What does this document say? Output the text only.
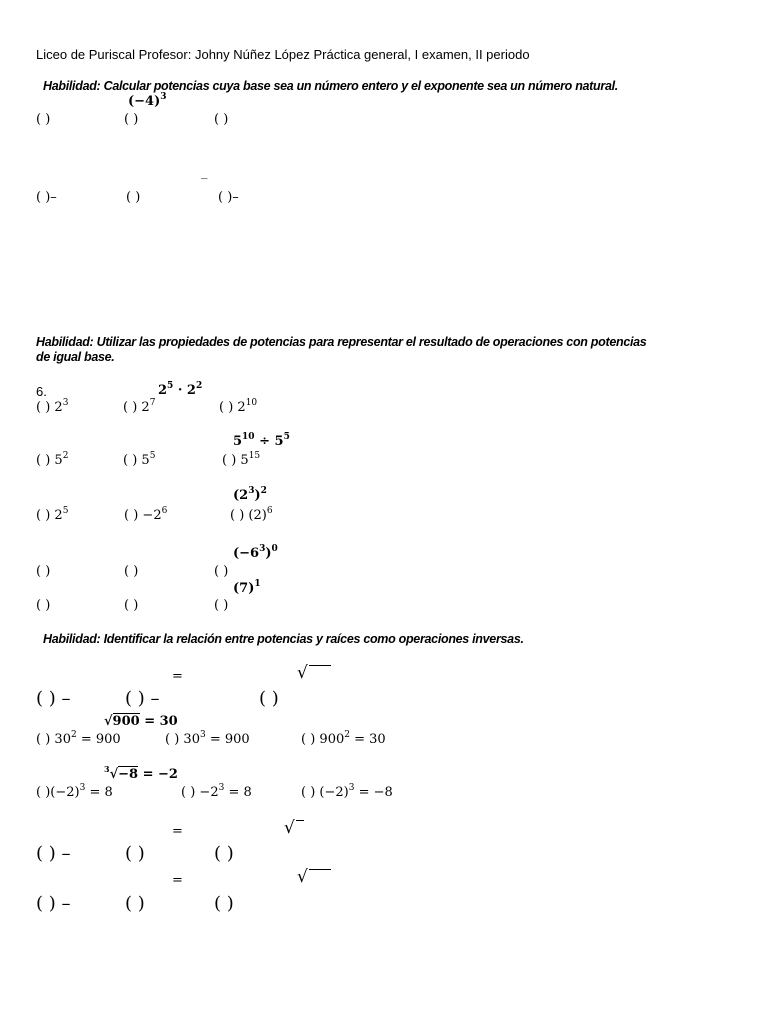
Liceo de Puriscal Profesor: Johny Núñez López Práctica general, I examen, II periodo
Habilidad: Calcular potencias cuya base sea un número entero y el exponente sea un número natural.
$(-4)^3$
( )	( )	( )
_
( )–	( )	( )–
Habilidad: Utilizar las propiedades de potencias para representar el resultado de operaciones con potencias
de igual base.
6.	$2^5 \cdot 2^2$
( ) $2^3$	( ) $2^7$	( ) $2^{10}$
$5^{10} \div 5^5$
( ) $5^2$	( ) $5^5$	( ) $5^{15}$
$(2^3)^2$
( ) $2^5$	( ) $-2^6$	( ) $(2)^6$
$(-6^3)^0$
( )	( )	( )
$(7)^1$
( )	( )	( )
Habilidad: Identificar la relación entre potencias y raíces como operaciones inversas.
=	√
( ) –	( ) –	( )
√900 = 30
( ) $30^2 = 900$	( ) $30^3 = 900$	( ) $900^2 = 30$
$^3$√−8 = −2
( )$(-2)^3 = 8$	( ) $-2^3 = 8$	( ) $(-2)^3 = -8$
=	√
( ) –	( )	( )
=	√
( ) –	( )	( )
